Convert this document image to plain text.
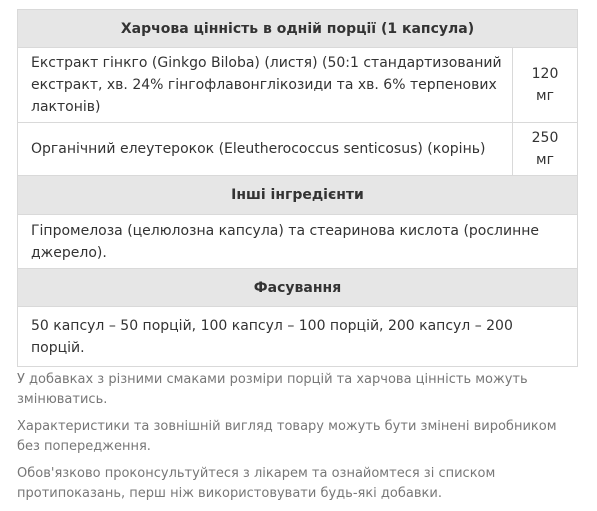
Харчова цінність в одній порції (1 капсула)	
Екстракт гінкго (Ginkgo Biloba) (листя) (50:1 стандартизований екстракт, хв. 24% гінгофлавонглікозиди та хв. 6% терпенових лактонів)	120
мг

Органічний елеутерокок (Eleutherococcus senticosus) (корінь)	250
мг

Інші інгредієнти	
Гіпромелоза (целюлозна капсула) та стеаринова кислота (рослинне джерело).	
Фасування	
50 капсул – 50 порцій, 100 капсул – 100 порцій, 200 капсул – 200 порцій.	

У добавках з різними смаками розміри порцій та харчова цінність можуть змінюватись.

Характеристики та зовнішній вигляд товару можуть бути змінені виробником без попередження.

Обов'язково проконсультуйтеся з лікарем та ознайомтеся зі списком протипоказань, перш ніж використовувати будь-які добавки.
